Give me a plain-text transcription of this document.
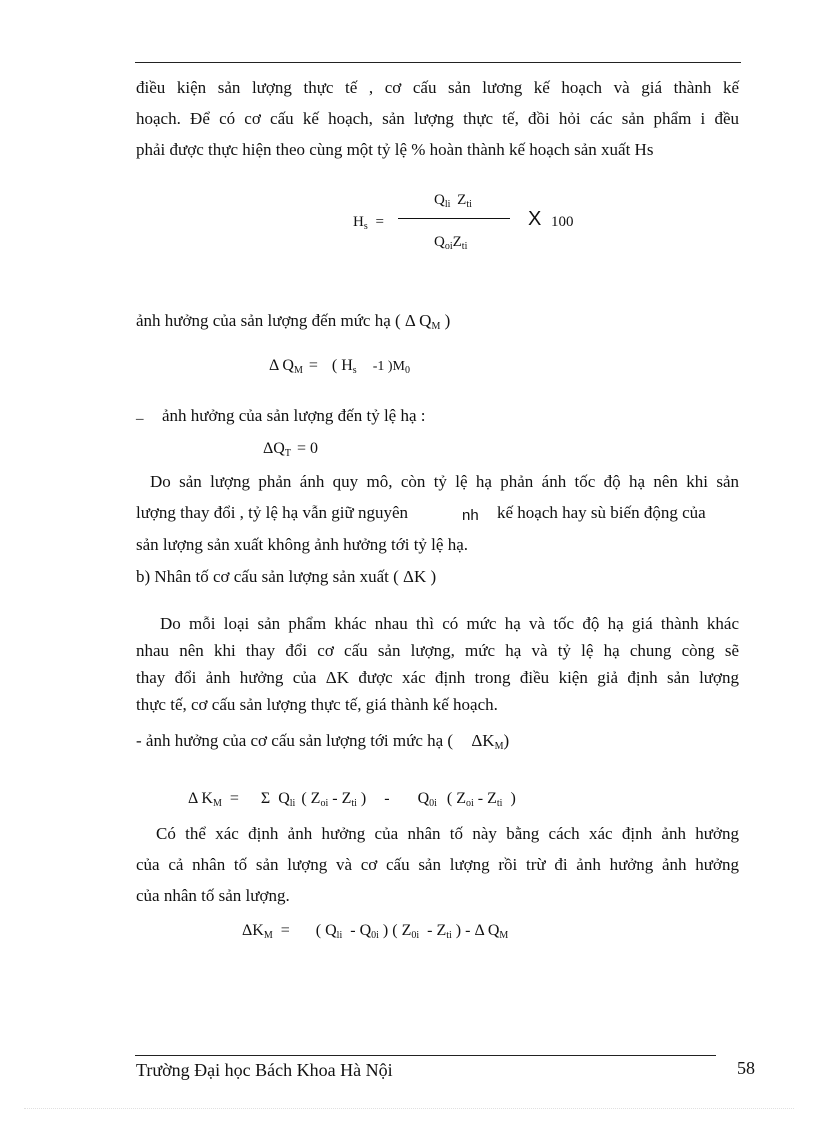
điều kiện sản lượng thực tế , cơ cấu sản lương kế hoạch và giá thành kế
hoạch. Để có cơ cấu kế hoạch, sản lượng thực tế, đồi hỏi các sản phẩm i đều
phải được thực hiện theo cùng một tỷ lệ % hoàn thành kế hoạch sản xuất Hs
$H_s$ =
$Q_{li}$ $Z_{ti}$
$Q_{oi}Z_{ti}$
X 100
ảnh hưởng của sản lượng đến mức hạ ( Δ $Q_M$ )
Δ $Q_M$ = ( $H_s$ -1 )$M_0$
_ ảnh hưởng của sản lượng đến tỷ lệ hạ :
$\Delta Q_T = 0$
Do sản lượng phản ánh quy mô, còn tỷ lệ hạ phản ánh tốc độ hạ nên khi sản
lượng thay đổi , tỷ lệ hạ vẫn giữ nguyên	nh kế hoạch hay sù biến động của
sản lượng sản xuất không ảnh hưởng tới tỷ lệ hạ.
b) Nhân tố cơ cấu sản lượng sản xuất ( ΔK )
Do mỗi loại sản phẩm khác nhau thì có mức hạ và tốc độ hạ giá thành khác
nhau nên khi thay đổi cơ cấu sản lượng, mức hạ và tỷ lệ hạ chung còng sẽ
thay đổi ảnh hưởng của ΔK được xác định trong điều kiện giả định sản lượng
thực tế, cơ cấu sản lượng thực tế, giá thành kế hoạch.
- ảnh hưởng của cơ cấu sản lượng tới mức hạ ( $\Delta K_M$)
Δ $K_M = \Sigma$ $Q_{li}$ ( $Z_{oi} - Z_{ti}$ ) - $Q_{0i}$ ( $Z_{oi} - Z_{ti}$ )
Có thể xác định ảnh hưởng của nhân tố này bằng cách xác định ảnh hưởng
của cả nhân tố sản lượng và cơ cấu sản lượng rồi trừ đi ảnh hưởng ảnh hưởng
của nhân tố sản lượng.
$\Delta K_M$ = ( $Q_{li} - Q_{0i}$ ) ( $Z_{0i} - Z_{ti}$ ) - Δ $Q_M$
Trường Đại học Bách Khoa Hà Nội	58
